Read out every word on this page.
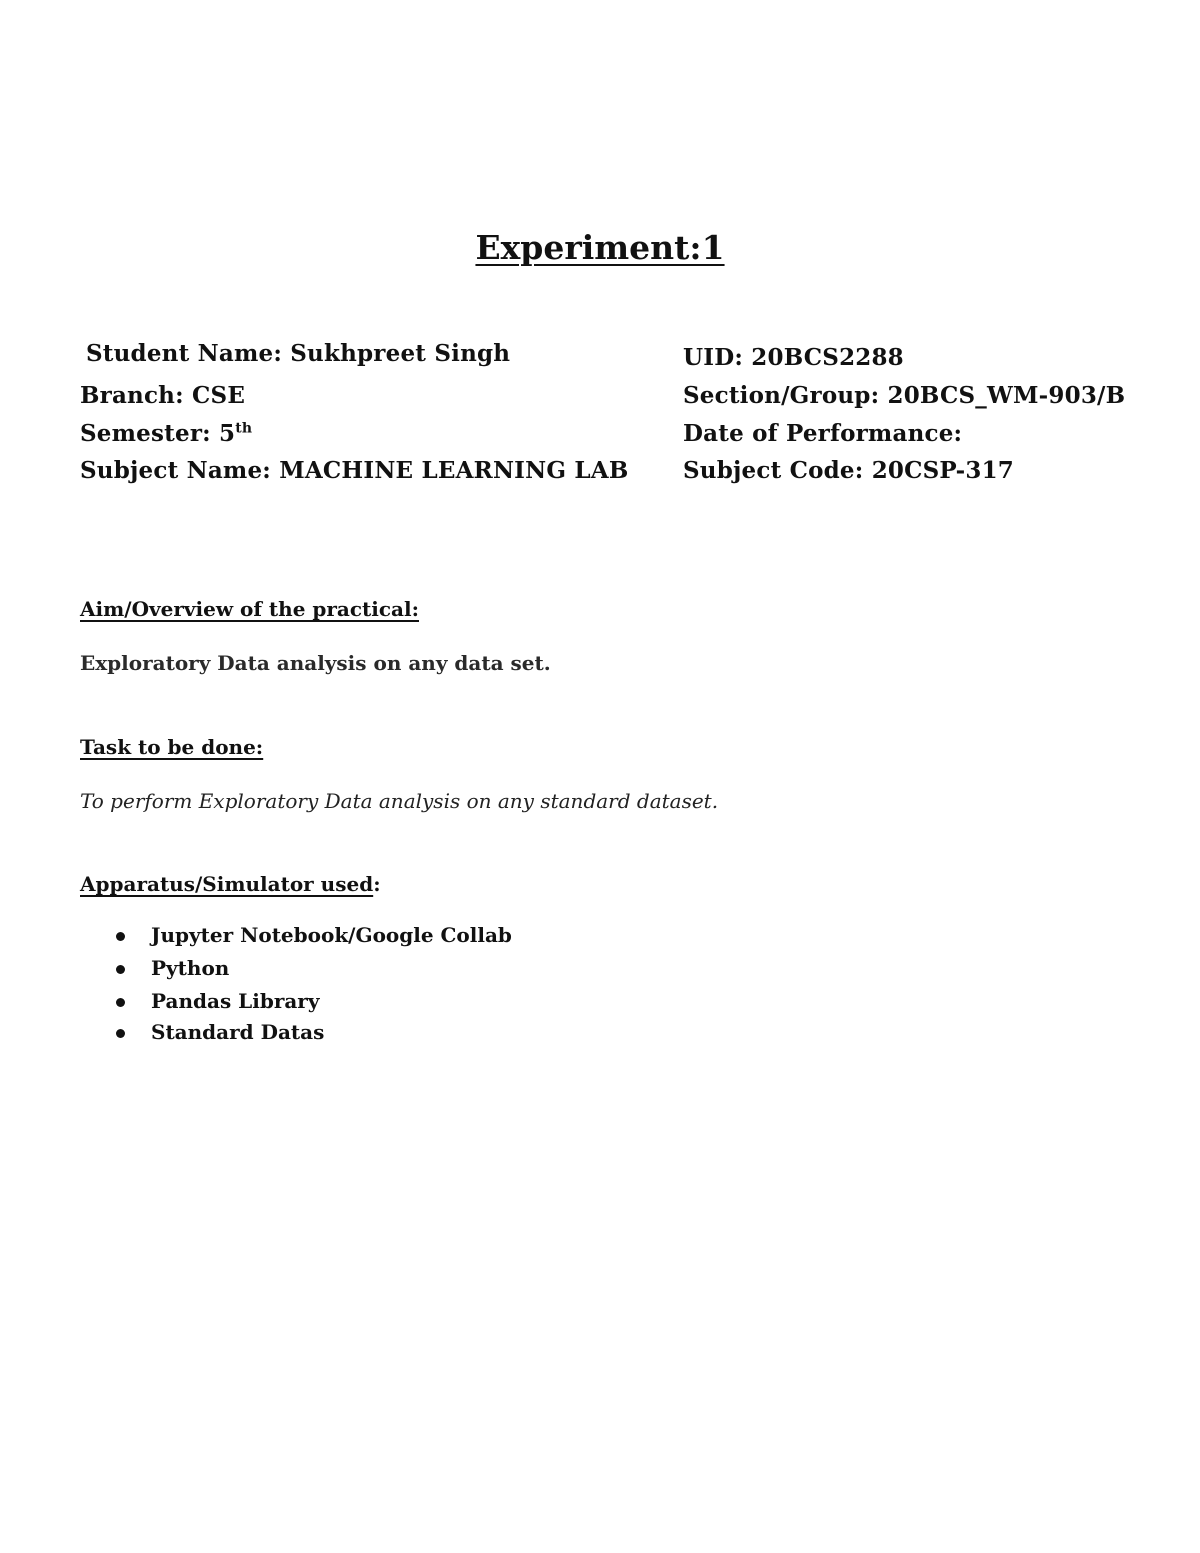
Experiment:1
Student Name: Sukhpreet Singh	UID: 20BCS2288
Branch: CSE	Section/Group: 20BCS_WM-903/B
Semester: 5th	Date of Performance:
Subject Name: MACHINE LEARNING LAB Subject Code: 20CSP-317
Aim/Overview of the practical:
Exploratory Data analysis on any data set.
Task to be done:
To perform Exploratory Data analysis on any standard dataset.
Apparatus/Simulator used:
Jupyter Notebook/Google Collab
Python
Pandas Library
Standard Datas
